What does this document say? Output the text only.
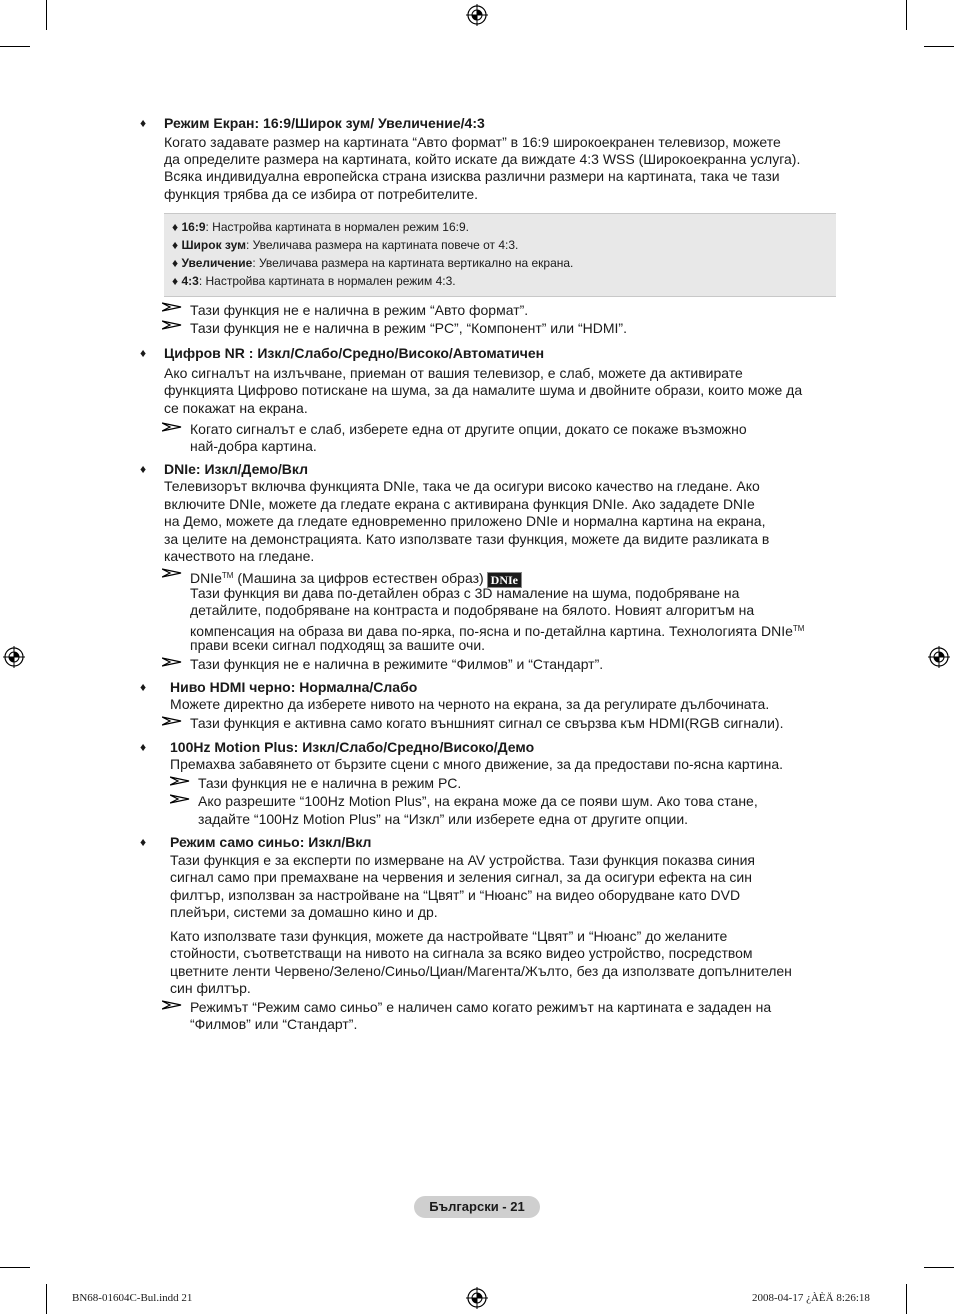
♦ Режим Екран: 16:9/Широк зум/ Увеличение/4:3
Когато задавате размер на картината “Авто формат” в 16:9 широкоекранен телевизор, можете
да определите размера на картината, който искате да виждате 4:3 WSS (Широкоекранна услуга).
Всяка индивидуална европейска страна изисква различни размери на картината, така че тази
функция трябва да се избира от потребителите.
♦ 16:9: Настройва картината в нормален режим 16:9.
♦ Широк зум: Увеличава размера на картината повече от 4:3.
♦ Увеличение: Увеличава размера на картината вертикално на екрана.
♦ 4:3: Настройва картината в нормален режим 4:3.
Тази функция не е налична в режим “Авто формат”.
Тази функция не е налична в режим “PC”, “Компонент” или “HDMI”.
♦ Цифров NR : Изкл/Слабо/Средно/Високо/Автоматичен
Ако сигналът на излъчване, приеман от вашия телевизор, е слаб, можете да активирате
функцията Цифрово потискане на шума, за да намалите шума и двойните образи, които може да
се покажат на екрана.
Когато сигналът е слаб, изберете една от другите опции, докато се покаже възможно
най-добра картина.
♦ DNIe: Изкл/Демо/Вкл
Телевизорът включва функцията DNIe, така че да осигури високо качество на гледане. Ако
включите DNIe, можете да гледате екрана с активирана функция DNIe. Ако зададете DNIe
на Демо, можете да гледате едновременно приложено DNIe и нормална картина на екрана,
за целите на демонстрацията. Като използвате тази функция, можете да видите разликата в
качеството на гледане.
DNIe™ (Машина за цифров естествен образ) DNIe
Тази функция ви дава по-детайлен образ с 3D намаление на шума, подобряване на
детайлите, подобряване на контраста и подобряване на бялото. Новият алгоритъм на
компенсация на образа ви дава по-ярка, по-ясна и по-детайлна картина. Технологията DNIe™
прави всеки сигнал подходящ за вашите очи.
Тази функция не е налична в режимите “Филмов” и “Стандарт”.
♦ Ниво HDMI черно: Нормална/Слабо
Можете директно да изберете нивото на черното на екрана, за да регулирате дълбочината.
Тази функция е активна само когато външният сигнал се свързва към HDMI(RGB сигнали).
♦ 100Hz Motion Plus: Изкл/Слабо/Средно/Високо/Демо
Премахва забавянето от бързите сцени с много движение, за да предостави по-ясна картина.
Тази функция не е налична в режим PC.
Ако разрешите “100Hz Motion Plus”, на екрана може да се появи шум. Ако това стане,
задайте “100Hz Motion Plus” на “Изкл” или изберете една от другите опции.
♦ Режим само синьо: Изкл/Вкл
Тази функция е за експерти по измерване на AV устройства. Тази функция показва синия
сигнал само при премахване на червения и зеления сигнал, за да осигури ефекта на син
филтър, използван за настройване на “Цвят” и “Нюанс” на видео оборудване като DVD
плейъри, системи за домашно кино и др.
Като използвате тази функция, можете да настройвате “Цвят” и “Нюанс” до желаните
стойности, съответстващи на нивото на сигнала за всяко видео устройство, посредством
цветните ленти Червено/Зелено/Синьо/Циан/Магента/Жълто, без да използвате допълнителен
син филтър.
Режимът “Режим само синьо” е наличен само когато режимът на картината е зададен на
“Филмов” или “Стандарт”.
Български - 21
BN68-01604C-Bul.indd 21	2008-04-17 ¿ÀÈÄ 8:26:18
